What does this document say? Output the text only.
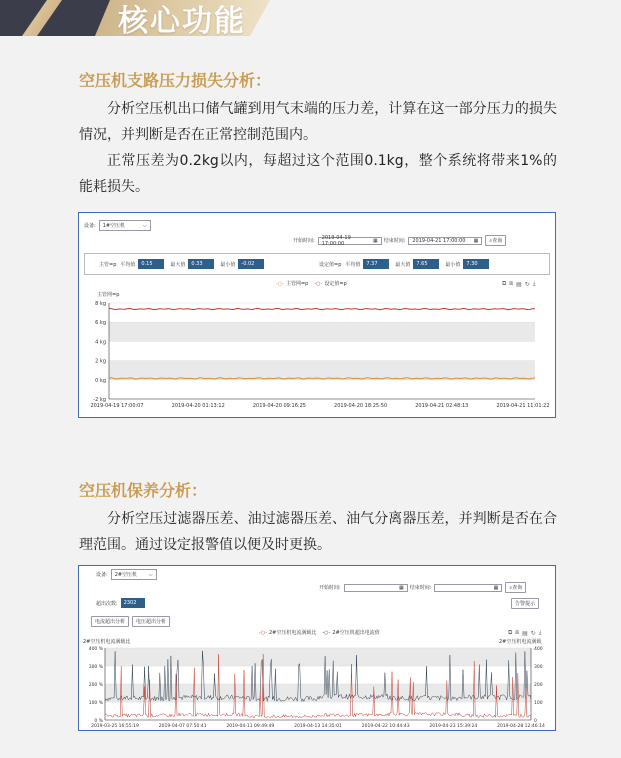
核心功能
空压机支路压力损失分析：

分析空压机出口储气罐到用气末端的压力差，计算在这一部分压力的损失情况，并判断是否在正常控制范围内。

正常压差为0.2kg以内，每超过这个范围0.1kg，整个系统将带来1%的能耗损失。

设备: 1#空压机	⌵
开始时间:
2019-04-19 17:00:00	▦ 结束时间: 2019-04-21 17:00:00 ▦ ⌕ 查询
主管=p 平均值	0.15	最大值	0.33	最小值	-0.02	设定值=p 平均值	7.37	最大值	7.65	最小值	7.30
-○- 主管网=p -○- 设定值=p	⧉ ⧈ ▤ ↻ ⤓
主管网=p
-2 kg
0 kg
2 kg
4 kg
6 kg
8 kg
2019-04-19 17:00:07	2019-04-20 01:13:12	2019-04-20 09:16:25	2019-04-20 18:25:50	2019-04-21 02:48:13	2019-04-21 11:01:22
空压机保养分析：

分析空压过滤器压差、油过滤器压差、油气分离器压差，并判断是否在合理范围。通过设定报警值以便及时更换。

设备: 2#空压机 ⌵
开始时间:	▦ 结束时间:	▦ ⌕ 查询
超出次数:	2302	告警提示
电流超出分析	电压超出分析
-○- 2#空压机电流满载比 -○- 2#空压机超出电流值	⧉ ⧈ ▤ ↻ ⤓
2#空压机电流满载比	2#空压机电流满载
0 %
100 %
200 %
300 %
400 %
0
100
200
300
400
2019-03-25 16:55:19	2019-04-07 07:50:41	2019-04-11 09:49:49	2019-04-13 14:35:01	2019-04-22 10:44:43	2019-04-23 15:39:24	2019-04-28 12:46:14
